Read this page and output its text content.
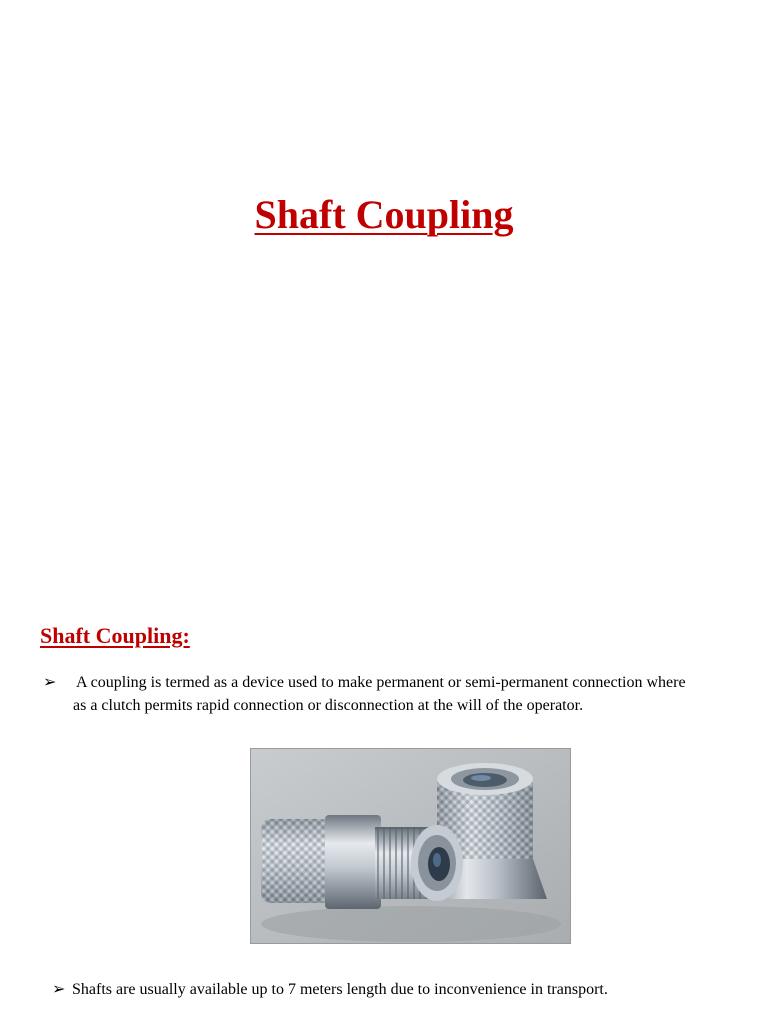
Shaft Coupling
Shaft Coupling:
➢ A coupling is termed as a device used to make permanent or semi-permanent connection where as a clutch permits rapid connection or disconnection at the will of the operator.
➢ Shafts are usually available up to 7 meters length due to inconvenience in transport.
